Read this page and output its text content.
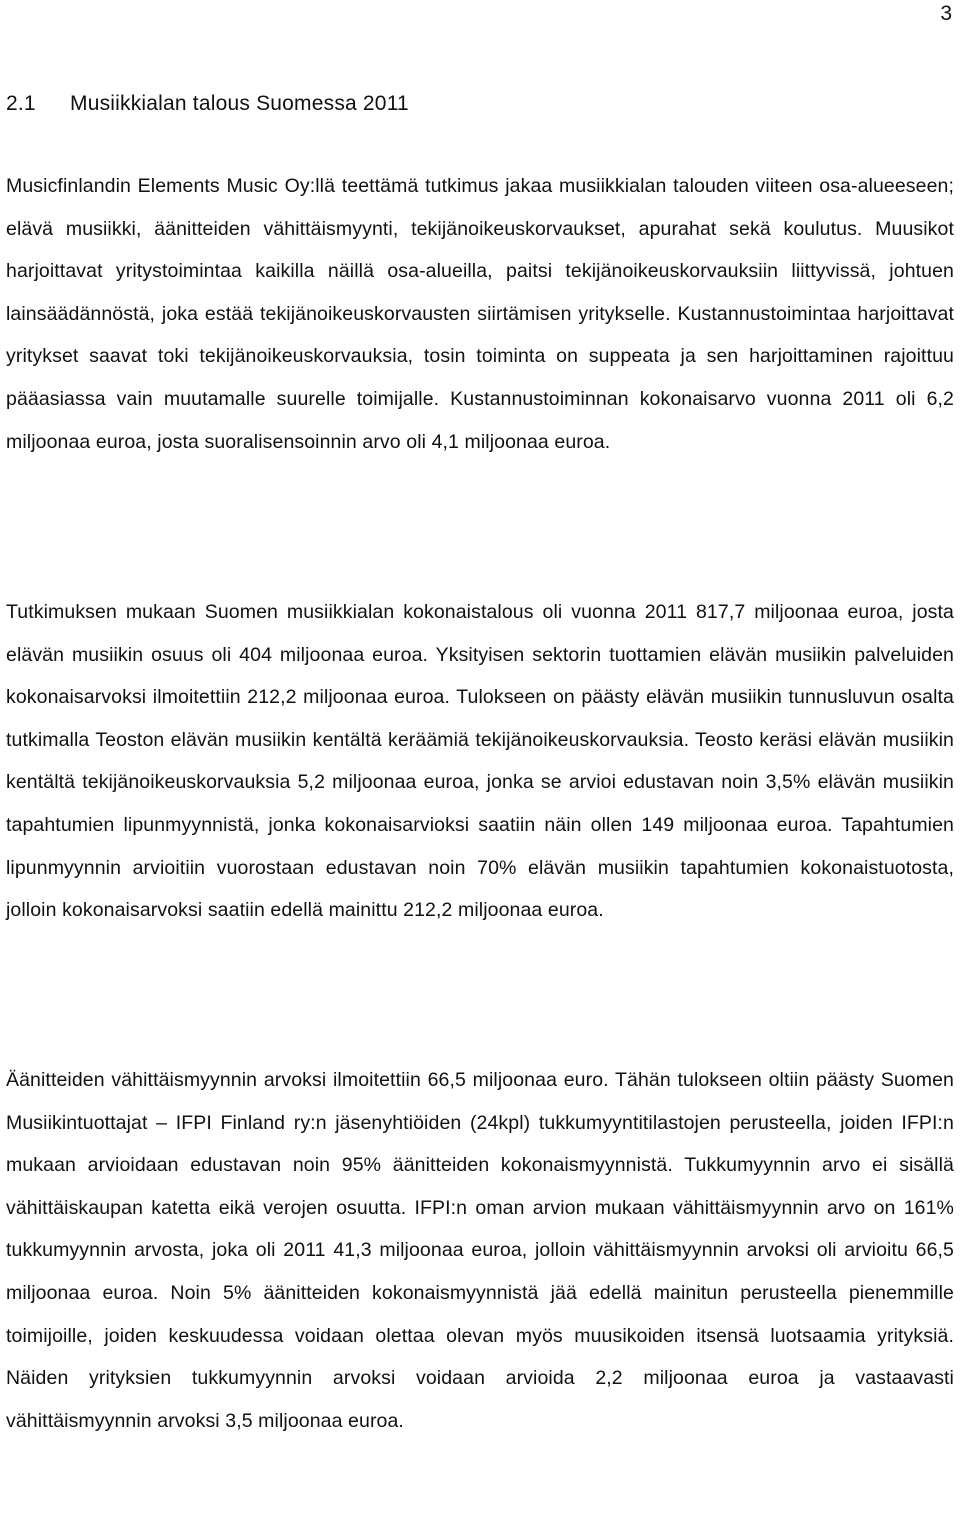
3
2.1 Musiikkialan talous Suomessa 2011

Musicfinlandin Elements Music Oy:llä teettämä tutkimus jakaa musiikkialan talouden viiteen osa-alueeseen; elävä musiikki, äänitteiden vähittäismyynti, tekijänoikeuskorvaukset, apurahat sekä koulutus. Muusikot harjoittavat yritystoimintaa kaikilla näillä osa-alueilla, paitsi tekijänoikeuskorvauksiin liittyvissä, johtuen lainsäädännöstä, joka estää tekijänoikeuskorvausten siirtämisen yritykselle. Kustannustoimintaa harjoittavat yritykset saavat toki tekijänoikeuskorvauksia, tosin toiminta on suppeata ja sen harjoittaminen rajoittuu pääasiassa vain muutamalle suurelle toimijalle. Kustannustoiminnan kokonaisarvo vuonna 2011 oli 6,2 miljoonaa euroa, josta suoralisensoinnin arvo oli 4,1 miljoonaa euroa.

Tutkimuksen mukaan Suomen musiikkialan kokonaistalous oli vuonna 2011 817,7 miljoonaa euroa, josta elävän musiikin osuus oli 404 miljoonaa euroa. Yksityisen sektorin tuottamien elävän musiikin palveluiden kokonaisarvoksi ilmoitettiin 212,2 miljoonaa euroa. Tulokseen on päästy elävän musiikin tunnusluvun osalta tutkimalla Teoston elävän musiikin kentältä keräämiä tekijänoikeuskorvauksia. Teosto keräsi elävän musiikin kentältä tekijänoikeuskorvauksia 5,2 miljoonaa euroa, jonka se arvioi edustavan noin 3,5% elävän musiikin tapahtumien lipunmyynnistä, jonka kokonaisarvioksi saatiin näin ollen 149 miljoonaa euroa. Tapahtumien lipunmyynnin arvioitiin vuorostaan edustavan noin 70% elävän musiikin tapahtumien kokonaistuotosta, jolloin kokonaisarvoksi saatiin edellä mainittu 212,2 miljoonaa euroa.

Äänitteiden vähittäismyynnin arvoksi ilmoitettiin 66,5 miljoonaa euro. Tähän tulokseen oltiin päästy Suomen Musiikintuottajat – IFPI Finland ry:n jäsenyhtiöiden (24kpl) tukkumyyntitilastojen perusteella, joiden IFPI:n mukaan arvioidaan edustavan noin 95% äänitteiden kokonaismyynnistä. Tukkumyynnin arvo ei sisällä vähittäiskaupan katetta eikä verojen osuutta. IFPI:n oman arvion mukaan vähittäismyynnin arvo on 161% tukkumyynnin arvosta, joka oli 2011 41,3 miljoonaa euroa, jolloin vähittäismyynnin arvoksi oli arvioitu 66,5 miljoonaa euroa. Noin 5% äänitteiden kokonaismyynnistä jää edellä mainitun perusteella pienemmille toimijoille, joiden keskuudessa voidaan olettaa olevan myös muusikoiden itsensä luotsaamia yrityksiä. Näiden yrityksien tukkumyynnin arvoksi voidaan arvioida 2,2 miljoonaa euroa ja vastaavasti vähittäismyynnin arvoksi 3,5 miljoonaa euroa.
